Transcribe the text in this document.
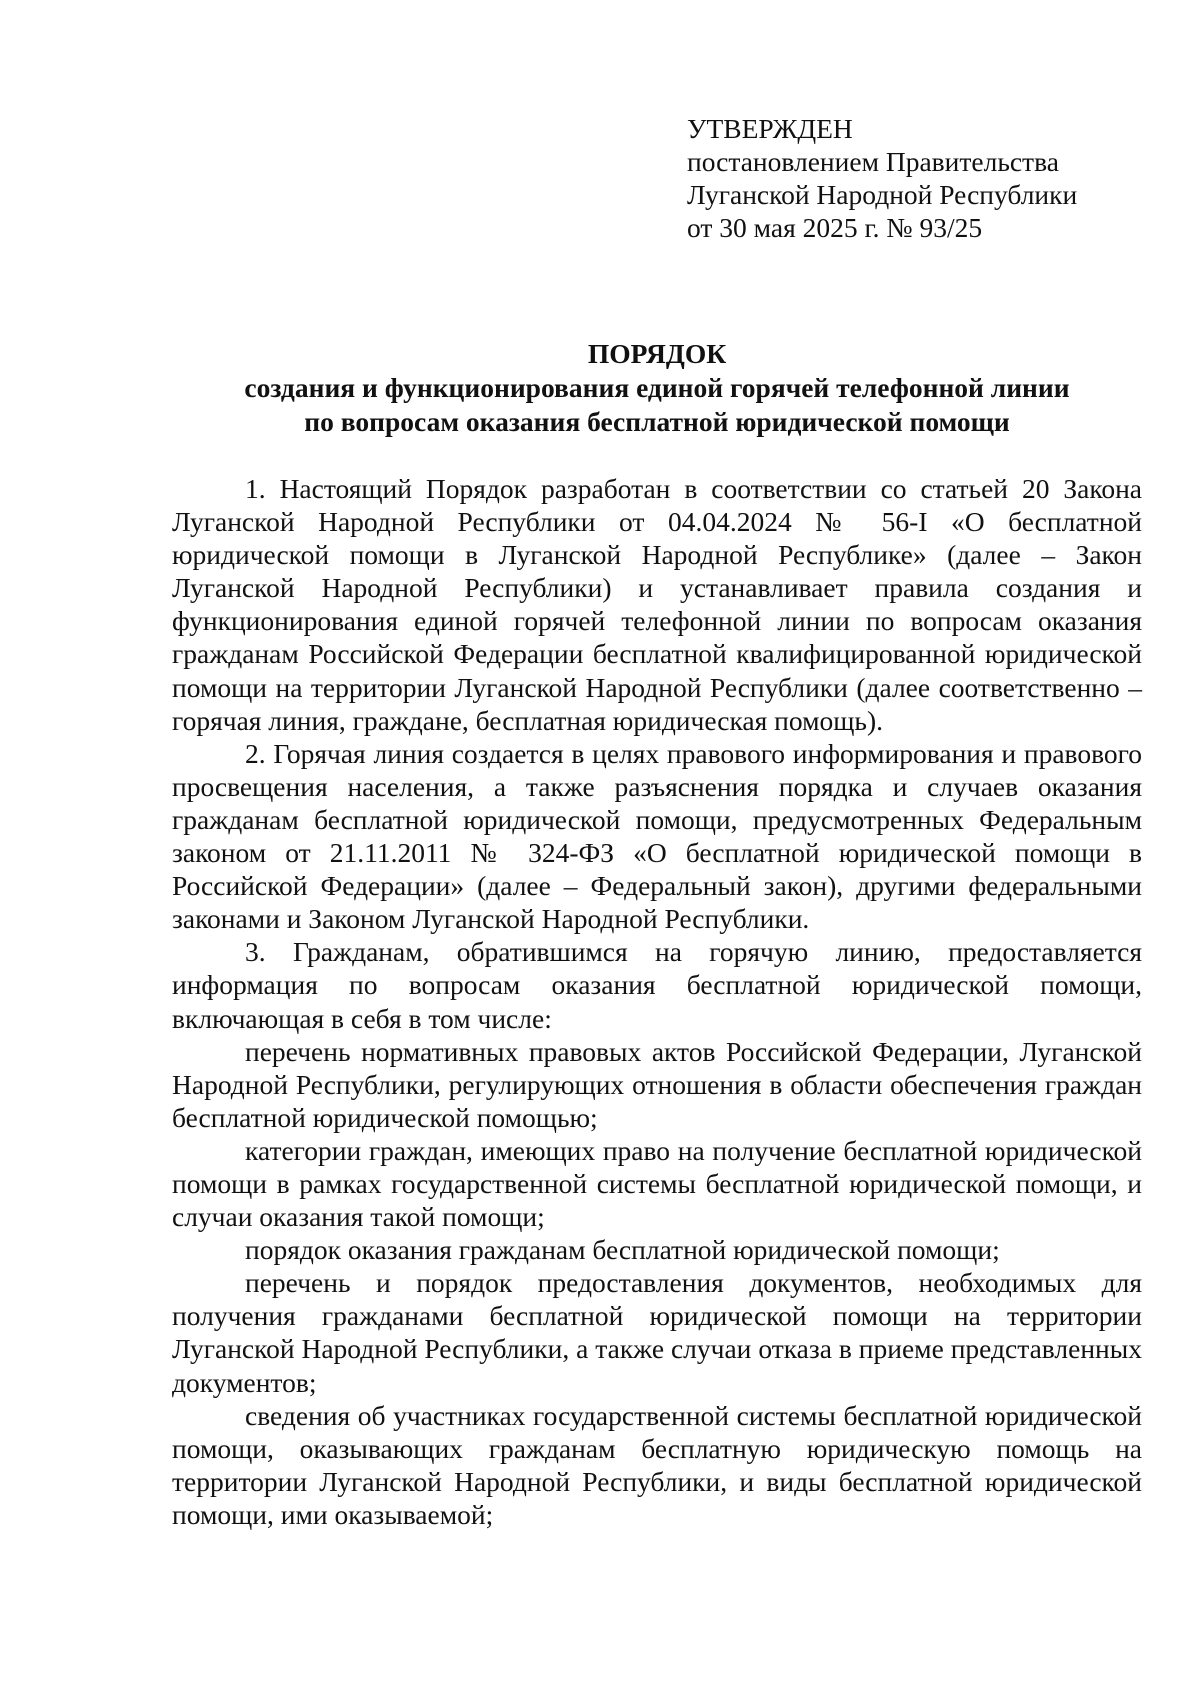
УТВЕРЖДЕН
постановлением Правительства
Луганской Народной Республики
от 30 мая 2025 г. № 93/25
ПОРЯДОК
создания и функционирования единой горячей телефонной линии
по вопросам оказания бесплатной юридической помощи

1. Настоящий Порядок разработан в соответствии со статьей 20 Закона Луганской Народной Республики от 04.04.2024 № 56-I «О бесплатной юридической помощи в Луганской Народной Республике» (далее – Закон Луганской Народной Республики) и устанавливает правила создания и функционирования единой горячей телефонной линии по вопросам оказания гражданам Российской Федерации бесплатной квалифицированной юридической помощи на территории Луганской Народной Республики (далее соответственно – горячая линия, граждане, бесплатная юридическая помощь).

2. Горячая линия создается в целях правового информирования и правового просвещения населения, а также разъяснения порядка и случаев оказания гражданам бесплатной юридической помощи, предусмотренных Федеральным законом от 21.11.2011 № 324-ФЗ «О бесплатной юридической помощи в Российской Федерации» (далее – Федеральный закон), другими федеральными законами и Законом Луганской Народной Республики.

3. Гражданам, обратившимся на горячую линию, предоставляется информация по вопросам оказания бесплатной юридической помощи, включающая в себя в том числе:

перечень нормативных правовых актов Российской Федерации, Луганской Народной Республики, регулирующих отношения в области обеспечения граждан бесплатной юридической помощью;

категории граждан, имеющих право на получение бесплатной юридической помощи в рамках государственной системы бесплатной юридической помощи, и случаи оказания такой помощи;

порядок оказания гражданам бесплатной юридической помощи;

перечень и порядок предоставления документов, необходимых для получения гражданами бесплатной юридической помощи на территории Луганской Народной Республики, а также случаи отказа в приеме представленных документов;

сведения об участниках государственной системы бесплатной юридической помощи, оказывающих гражданам бесплатную юридическую помощь на территории Луганской Народной Республики, и виды бесплатной юридической помощи, ими оказываемой;
